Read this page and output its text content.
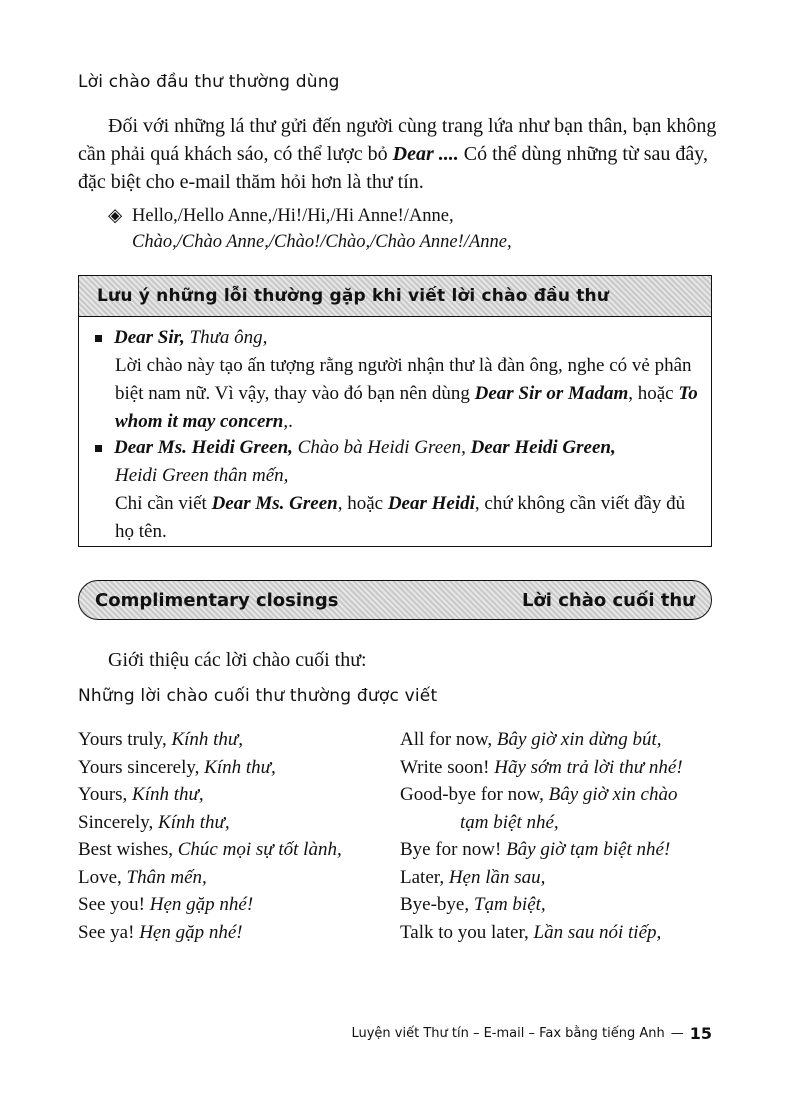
Lời chào đầu thư thường dùng

Đối với những lá thư gửi đến người cùng trang lứa như bạn thân, bạn không cần phải quá khách sáo, có thể lược bỏ Dear .... Có thể dùng những từ sau đây, đặc biệt cho e-mail thăm hỏi hơn là thư tín.

◈ Hello,/Hello Anne,/Hi!/Hi,/Hi Anne!/Anne,
Chào,/Chào Anne,/Chào!/Chào,/Chào Anne!/Anne,
Lưu ý những lỗi thường gặp khi viết lời chào đầu thư
Dear Sir, Thưa ông,
Lời chào này tạo ấn tượng rằng người nhận thư là đàn ông, nghe có vẻ phân biệt nam nữ. Vì vậy, thay vào đó bạn nên dùng Dear Sir or Madam, hoặc To whom it may concern,.
Dear Ms. Heidi Green, Chào bà Heidi Green, Dear Heidi Green,
Heidi Green thân mến,
Chỉ cần viết Dear Ms. Green, hoặc Dear Heidi, chứ không cần viết đầy đủ họ tên.
Complimentary closings	Lời chào cuối thư

Giới thiệu các lời chào cuối thư:

Những lời chào cuối thư thường được viết
Yours truly, Kính thư,
Yours sincerely, Kính thư,
Yours, Kính thư,
Sincerely, Kính thư,
Best wishes, Chúc mọi sự tốt lành,
Love, Thân mến,
See you! Hẹn gặp nhé!
See ya! Hẹn gặp nhé!
All for now, Bây giờ xin dừng bút,
Write soon! Hãy sớm trả lời thư nhé!
Good-bye for now, Bây giờ xin chào
tạm biệt nhé,
Bye for now! Bây giờ tạm biệt nhé!
Later, Hẹn lần sau,
Bye-bye, Tạm biệt,
Talk to you later, Lần sau nói tiếp,
Luyện viết Thư tín – E-mail – Fax bằng tiếng Anh — 15
